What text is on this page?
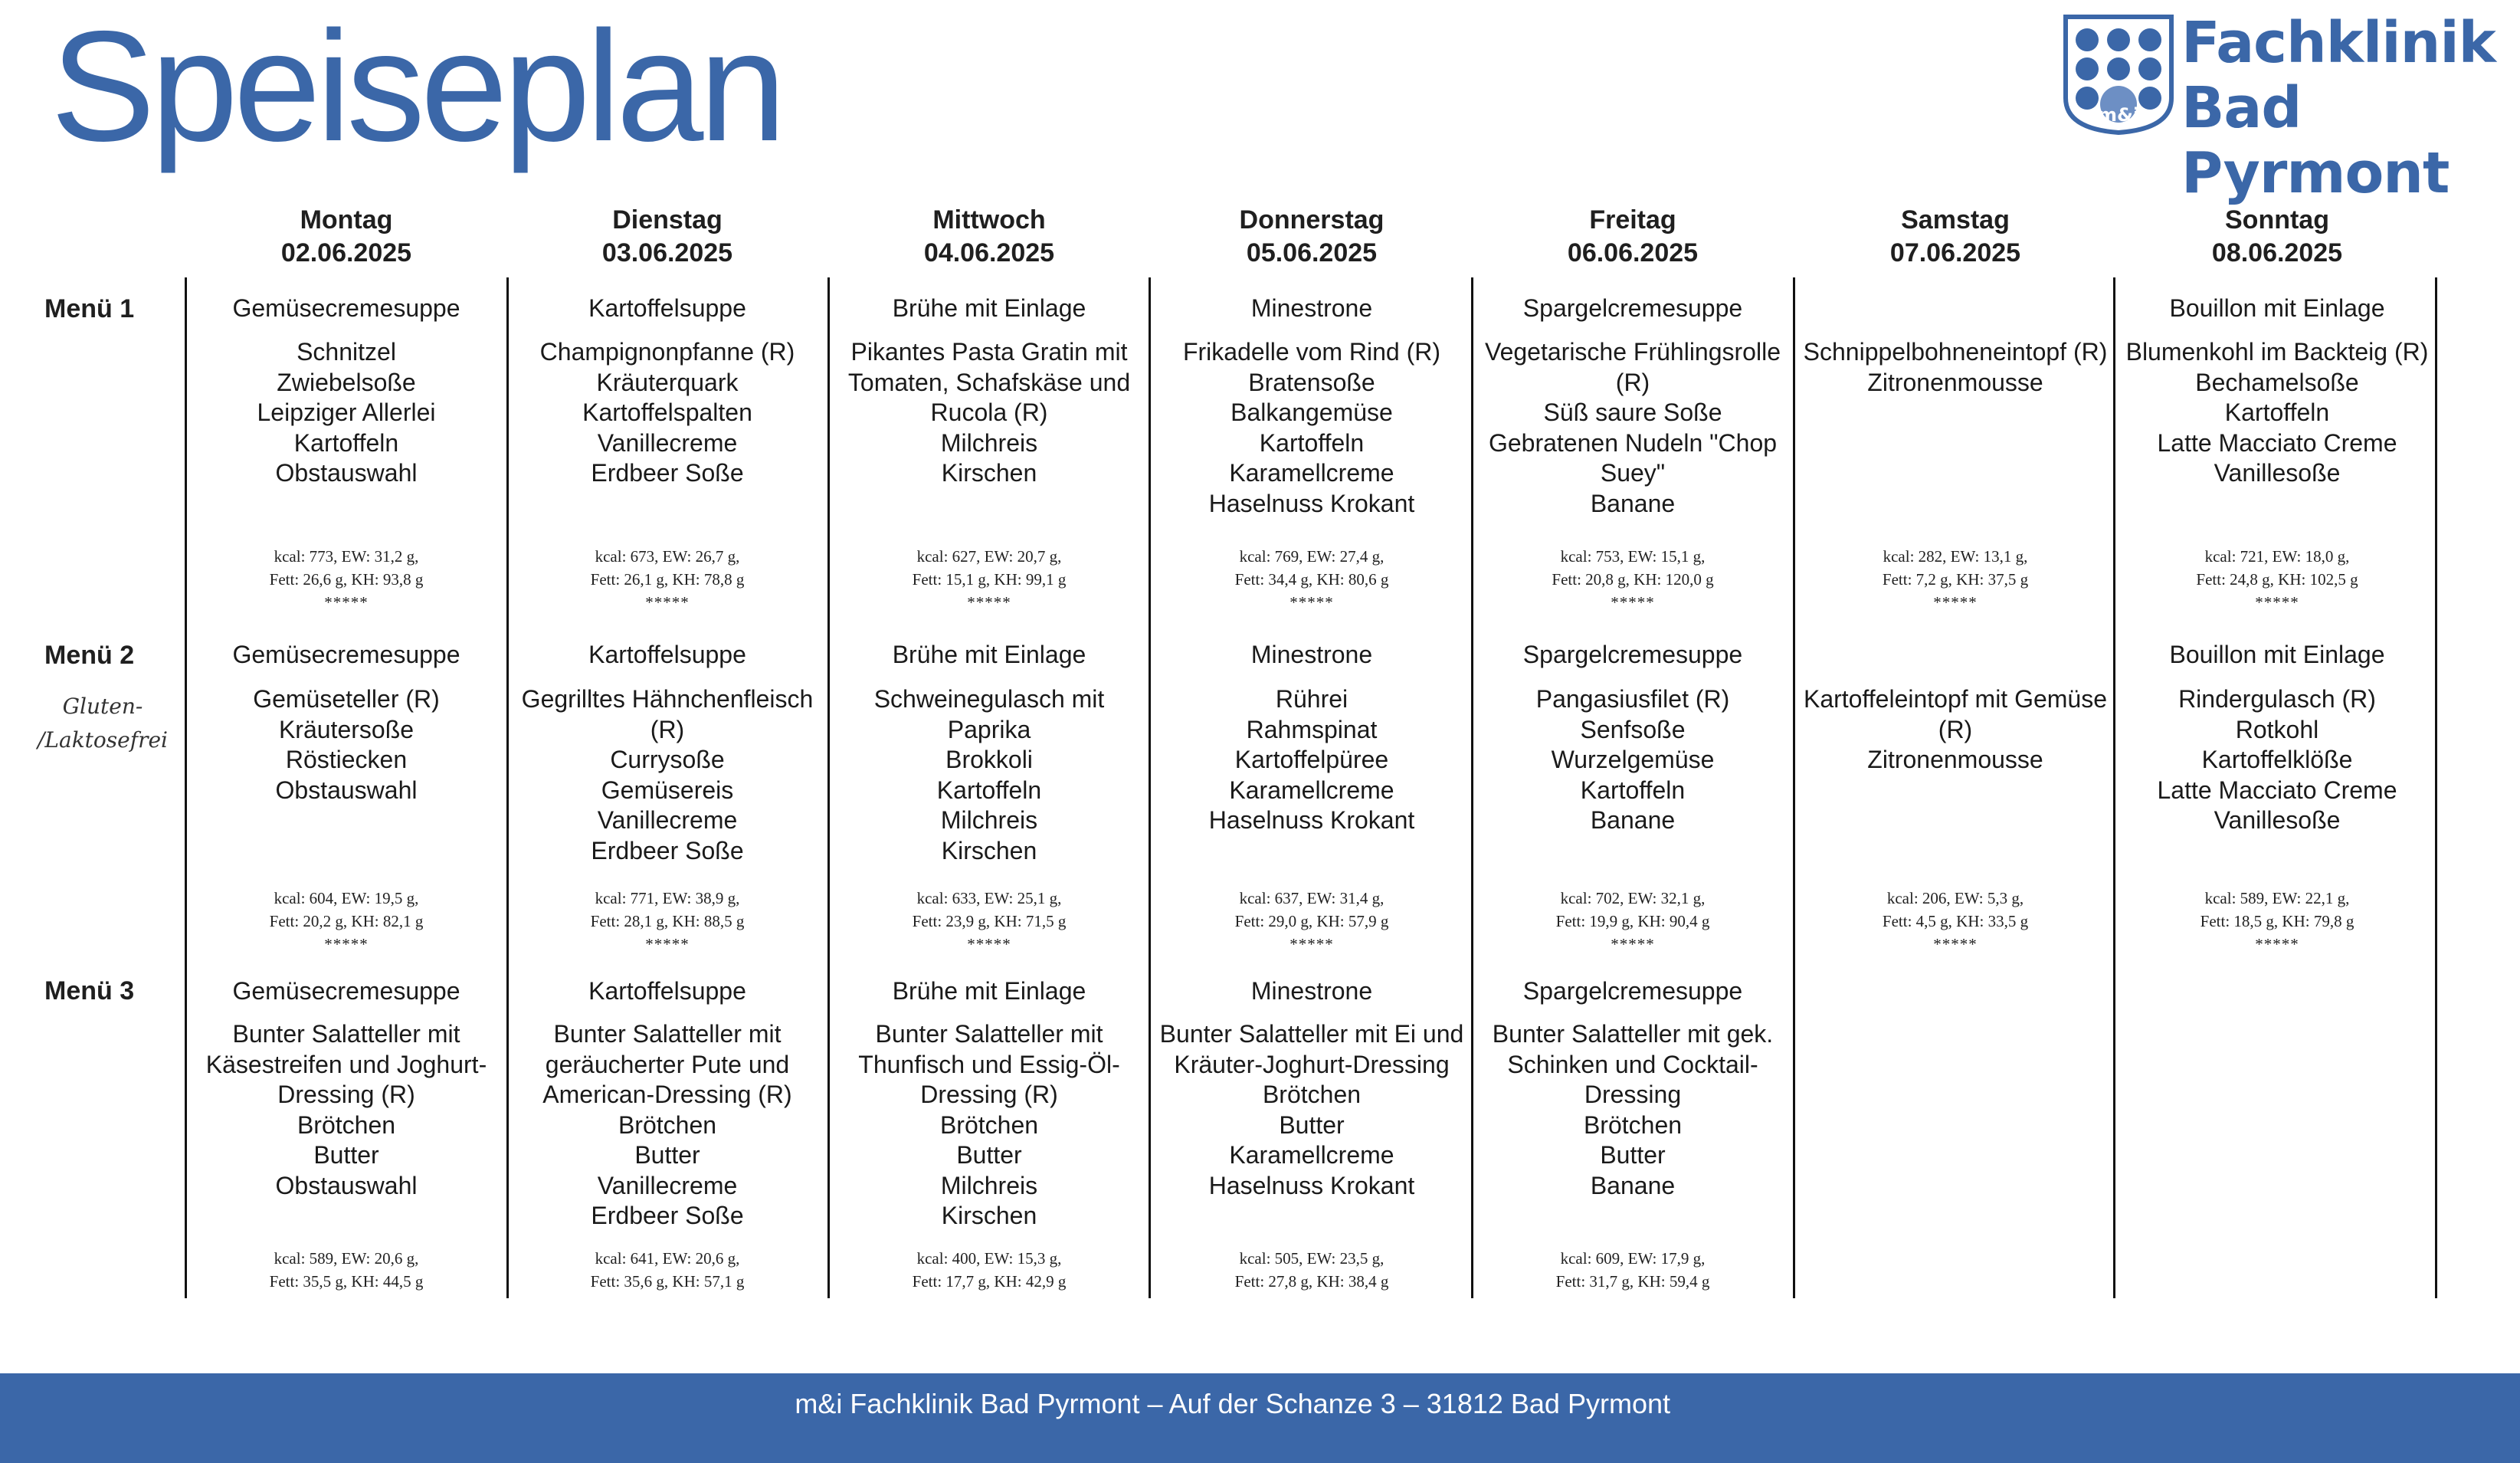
Speiseplan	m&i
Fachklinik
Bad Pyrmont
Menü 1
Menü 2
Menü 3
Gluten-
/Laktosefrei
Montag
02.06.2025
Gemüsecremesuppe
Schnitzel
Zwiebelsoße
Leipziger Allerlei
Kartoffeln
Obstauswahl
kcal: 773, EW: 31,2 g,
Fett: 26,6 g, KH: 93,8 g
*****
Gemüsecremesuppe
Gemüseteller (R)
Kräutersoße
Röstiecken
Obstauswahl
kcal: 604, EW: 19,5 g,
Fett: 20,2 g, KH: 82,1 g
*****
Gemüsecremesuppe
Bunter Salatteller mit
Käsestreifen und Joghurt-
Dressing (R)
Brötchen
Butter
Obstauswahl
kcal: 589, EW: 20,6 g,
Fett: 35,5 g, KH: 44,5 g
Dienstag
03.06.2025
Kartoffelsuppe
Champignonpfanne (R)
Kräuterquark
Kartoffelspalten
Vanillecreme
Erdbeer Soße
kcal: 673, EW: 26,7 g,
Fett: 26,1 g, KH: 78,8 g
*****
Kartoffelsuppe
Gegrilltes Hähnchenfleisch
(R)
Currysoße
Gemüsereis
Vanillecreme
Erdbeer Soße
kcal: 771, EW: 38,9 g,
Fett: 28,1 g, KH: 88,5 g
*****
Kartoffelsuppe
Bunter Salatteller mit
geräucherter Pute und
American-Dressing (R)
Brötchen
Butter
Vanillecreme
Erdbeer Soße
kcal: 641, EW: 20,6 g,
Fett: 35,6 g, KH: 57,1 g
Mittwoch
04.06.2025
Brühe mit Einlage
Pikantes Pasta Gratin mit
Tomaten, Schafskäse und
Rucola (R)
Milchreis
Kirschen
kcal: 627, EW: 20,7 g,
Fett: 15,1 g, KH: 99,1 g
*****
Brühe mit Einlage
Schweinegulasch mit
Paprika
Brokkoli
Kartoffeln
Milchreis
Kirschen
kcal: 633, EW: 25,1 g,
Fett: 23,9 g, KH: 71,5 g
*****
Brühe mit Einlage
Bunter Salatteller mit
Thunfisch und Essig-Öl-
Dressing (R)
Brötchen
Butter
Milchreis
Kirschen
kcal: 400, EW: 15,3 g,
Fett: 17,7 g, KH: 42,9 g
Donnerstag
05.06.2025
Minestrone
Frikadelle vom Rind (R)
Bratensoße
Balkangemüse
Kartoffeln
Karamellcreme
Haselnuss Krokant
kcal: 769, EW: 27,4 g,
Fett: 34,4 g, KH: 80,6 g
*****
Minestrone
Rührei
Rahmspinat
Kartoffelpüree
Karamellcreme
Haselnuss Krokant
kcal: 637, EW: 31,4 g,
Fett: 29,0 g, KH: 57,9 g
*****
Minestrone
Bunter Salatteller mit Ei und
Kräuter-Joghurt-Dressing
Brötchen
Butter
Karamellcreme
Haselnuss Krokant
kcal: 505, EW: 23,5 g,
Fett: 27,8 g, KH: 38,4 g
Freitag
06.06.2025
Spargelcremesuppe
Vegetarische Frühlingsrolle
(R)
Süß saure Soße
Gebratenen Nudeln "Chop
Suey"
Banane
kcal: 753, EW: 15,1 g,
Fett: 20,8 g, KH: 120,0 g
*****
Spargelcremesuppe
Pangasiusfilet (R)
Senfsoße
Wurzelgemüse
Kartoffeln
Banane
kcal: 702, EW: 32,1 g,
Fett: 19,9 g, KH: 90,4 g
*****
Spargelcremesuppe
Bunter Salatteller mit gek.
Schinken und Cocktail-
Dressing
Brötchen
Butter
Banane
kcal: 609, EW: 17,9 g,
Fett: 31,7 g, KH: 59,4 g
Samstag
07.06.2025
Schnippelbohneneintopf (R)
Zitronenmousse
kcal: 282, EW: 13,1 g,
Fett: 7,2 g, KH: 37,5 g
*****
Kartoffeleintopf mit Gemüse
(R)
Zitronenmousse
kcal: 206, EW: 5,3 g,
Fett: 4,5 g, KH: 33,5 g
*****
Sonntag
08.06.2025
Bouillon mit Einlage
Blumenkohl im Backteig (R)
Bechamelsoße
Kartoffeln
Latte Macciato Creme
Vanillesoße
kcal: 721, EW: 18,0 g,
Fett: 24,8 g, KH: 102,5 g
*****
Bouillon mit Einlage
Rindergulasch (R)
Rotkohl
Kartoffelklöße
Latte Macciato Creme
Vanillesoße
kcal: 589, EW: 22,1 g,
Fett: 18,5 g, KH: 79,8 g
*****
m&i Fachklinik Bad Pyrmont – Auf der Schanze 3 – 31812 Bad Pyrmont
